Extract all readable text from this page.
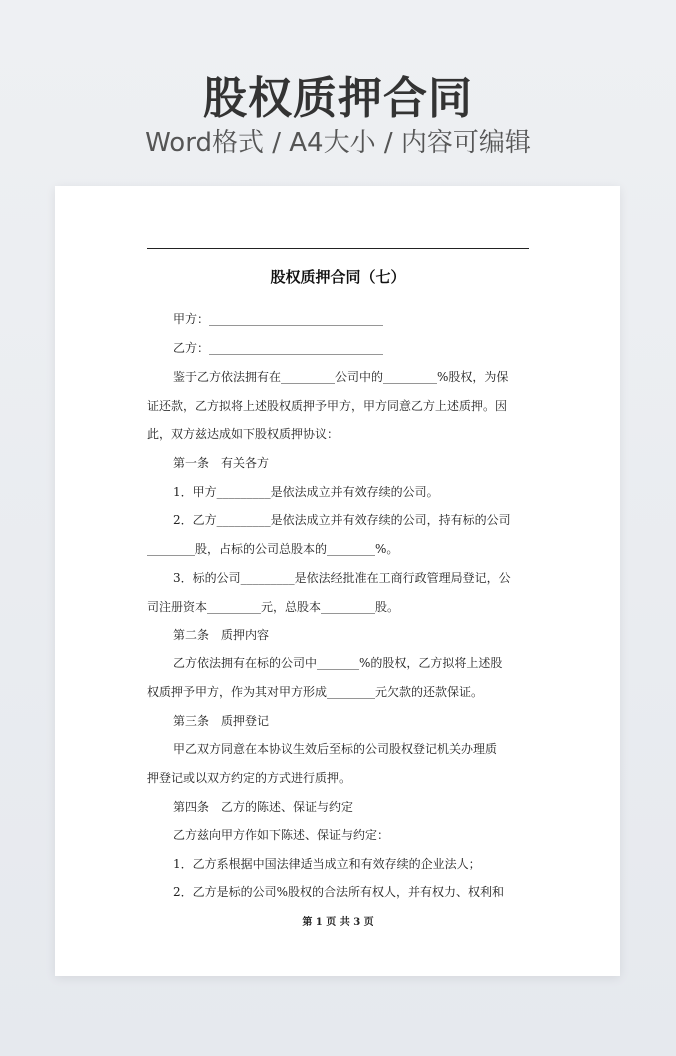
股权质押合同
Word格式 / A4大小 / 内容可编辑
股权质押合同（七）
甲方：_____________________________
乙方：_____________________________
鉴于乙方依法拥有在_________公司中的_________%股权，为保
证还款，乙方拟将上述股权质押予甲方，甲方同意乙方上述质押。因
此，双方兹达成如下股权质押协议：
第一条　有关各方
1．甲方_________是依法成立并有效存续的公司。
2．乙方_________是依法成立并有效存续的公司，持有标的公司
________股，占标的公司总股本的________%。
3．标的公司_________是依法经批准在工商行政管理局登记，公
司注册资本_________元，总股本_________股。
第二条　质押内容
乙方依法拥有在标的公司中_______%的股权，乙方拟将上述股
权质押予甲方，作为其对甲方形成________元欠款的还款保证。
第三条　质押登记
甲乙双方同意在本协议生效后至标的公司股权登记机关办理质
押登记或以双方约定的方式进行质押。
第四条　乙方的陈述、保证与约定
乙方兹向甲方作如下陈述、保证与约定：
1．乙方系根据中国法律适当成立和有效存续的企业法人；
2．乙方是标的公司%股权的合法所有权人，并有权力、权利和
第 1 页 共 3 页
